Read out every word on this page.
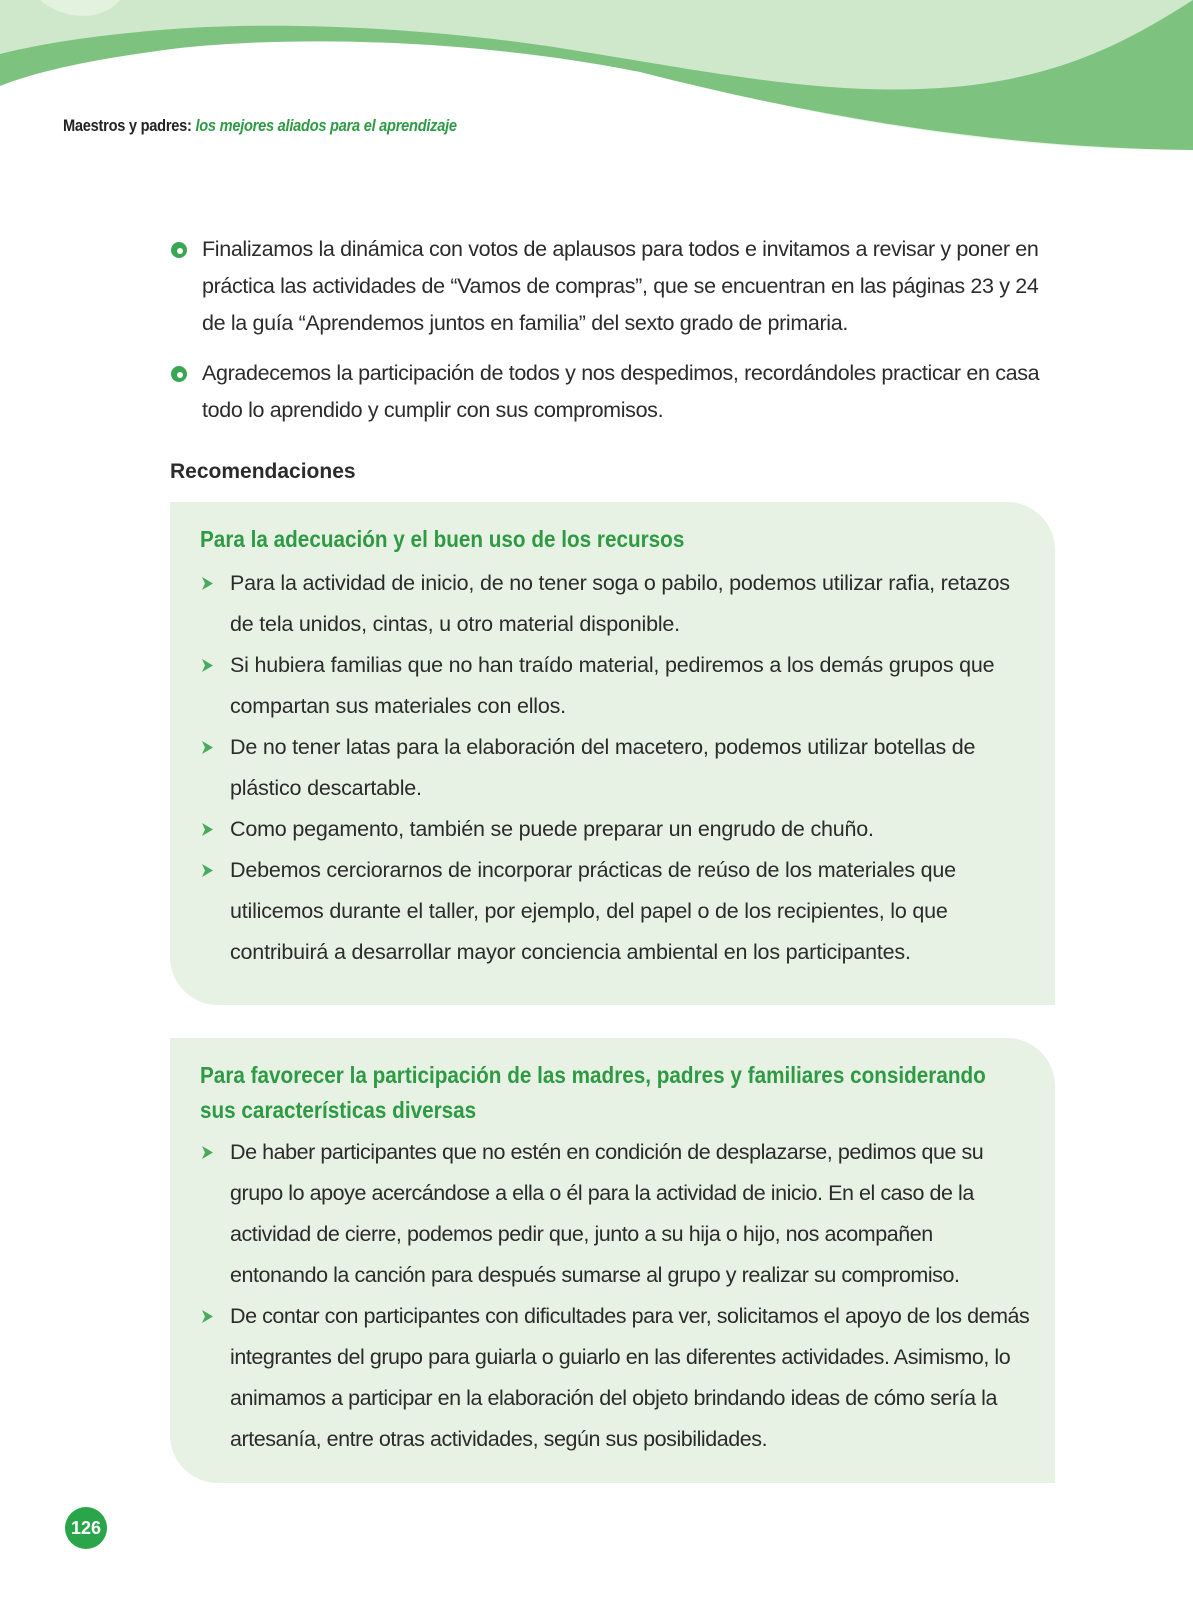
Maestros y padres: los mejores aliados para el aprendizaje
Finalizamos la dinámica con votos de aplausos para todos e invitamos a revisar y poner en práctica las actividades de “Vamos de compras”, que se encuentran en las páginas 23 y 24 de la guía “Aprendemos juntos en familia” del sexto grado de primaria.
Agradecemos la participación de todos y nos despedimos, recordándoles practicar en casa todo lo aprendido y cumplir con sus compromisos.
Recomendaciones
Para la adecuación y el buen uso de los recursos
Para la actividad de inicio, de no tener soga o pabilo, podemos utilizar rafia, retazos de tela unidos, cintas, u otro material disponible.
Si hubiera familias que no han traído material, pediremos a los demás grupos que compartan sus materiales con ellos.
De no tener latas para la elaboración del macetero, podemos utilizar botellas de plástico descartable.
Como pegamento, también se puede preparar un engrudo de chuño.
Debemos cerciorarnos de incorporar prácticas de reúso de los materiales que utilicemos durante el taller, por ejemplo, del papel o de los recipientes, lo que contribuirá a desarrollar mayor conciencia ambiental en los participantes.
Para favorecer la participación de las madres, padres y familiares considerando
sus características diversas
De haber participantes que no estén en condición de desplazarse, pedimos que su grupo lo apoye acercándose a ella o él para la actividad de inicio. En el caso de la actividad de cierre, podemos pedir que, junto a su hija o hijo, nos acompañen entonando la canción para después sumarse al grupo y realizar su compromiso.
De contar con participantes con dificultades para ver, solicitamos el apoyo de los demás integrantes del grupo para guiarla o guiarlo en las diferentes actividades. Asimismo, lo animamos a participar en la elaboración del objeto brindando ideas de cómo sería la artesanía, entre otras actividades, según sus posibilidades.
126
